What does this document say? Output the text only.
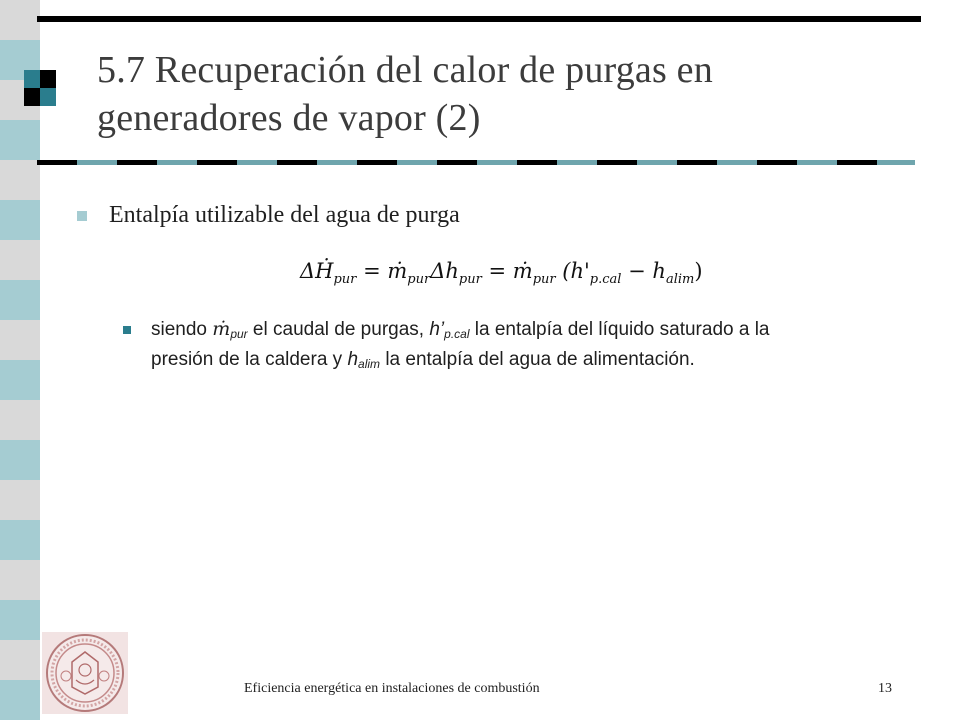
5.7 Recuperación del calor de purgas en
generadores de vapor (2)
Entalpía utilizable del agua de purga
ΔḢ$_{pur}$ = $ṁ_{pur}\Delta h_{pur}$ = ṁ$_{pur}$ $(h'_{p.cal} - h_{alim})$
siendo ṁ$_{pur}$ el caudal de purgas, $h’_{p.cal}$ la entalpía del líquido saturado a la
presión de la caldera y $h_{alim}$ la entalpía del agua de alimentación.
Eficiencia energética en instalaciones de combustión	13
